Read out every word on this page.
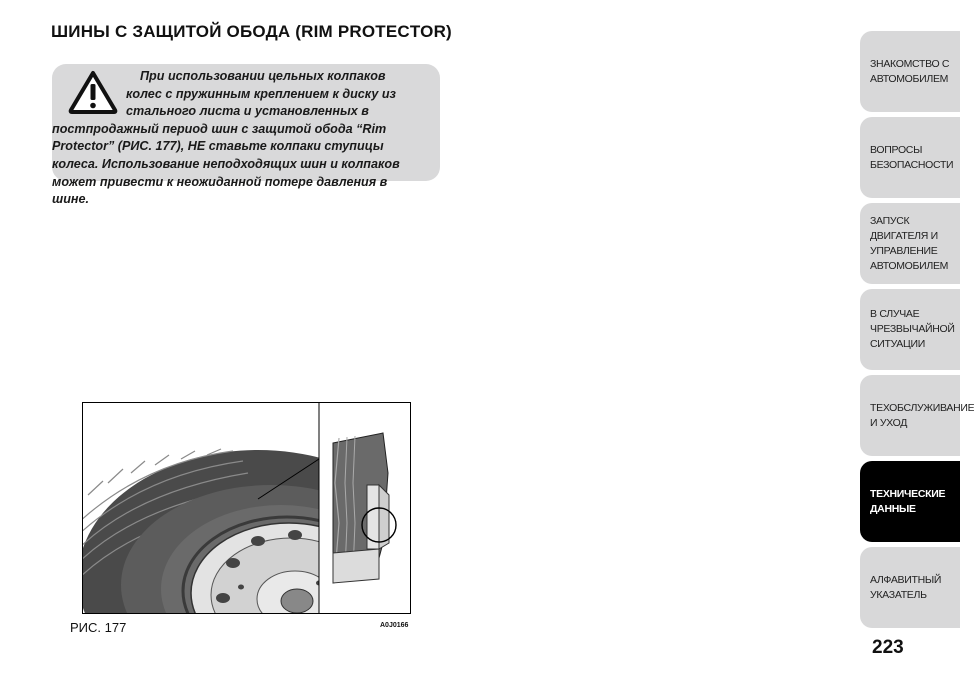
ШИНЫ С ЗАЩИТОЙ ОБОДА (RIM PROTECTOR)

При использовании цельных колпаков колес с пружинным креплением к диску из стального листа и установленных в постпродажный период шин с защитой обода “Rim Protector” (РИС. 177), НЕ ставьте колпаки ступицы колеса. Использование неподходящих шин и колпаков может привести к неожиданной потере давления в шине.

РИС. 177	A0J0166
ЗНАКОМСТВО С АВТОМОБИЛЕМ
ВОПРОСЫ БЕЗОПАСНОСТИ
ЗАПУСК ДВИГАТЕЛЯ И УПРАВЛЕНИЕ АВТОМОБИЛЕМ
В СЛУЧАЕ ЧРЕЗВЫЧАЙНОЙ СИТУАЦИИ
ТЕХОБСЛУЖИВАНИЕ И УХОД
ТЕХНИЧЕСКИЕ ДАННЫЕ
АЛФАВИТНЫЙ УКАЗАТЕЛЬ
223
